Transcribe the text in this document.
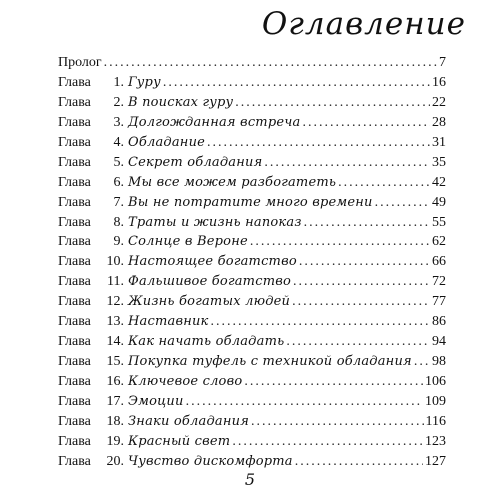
Оглавление
Пролог .....	7
Глава	1. Гуру .....	16
Глава	2. В поисках гуру .....	22
Глава	3. Долгожданная встреча .....	28
Глава	4. Обладание .....	31
Глава	5. Секрет обладания .....	35
Глава	6. Мы все можем разбогатеть .....	42
Глава	7. Вы не потратите много времени .....	49
Глава	8. Траты и жизнь напоказ .....	55
Глава	9. Солнце в Вероне .....	62
Глава	10. Настоящее богатство .....	66
Глава	11. Фальшивое богатство .....	72
Глава	12. Жизнь богатых людей .....	77
Глава	13. Наставник .....	86
Глава	14. Как начать обладать .....	94
Глава	15. Покупка туфель с техникой обладания ..... 98
Глава	16. Ключевое слово .....	106
Глава	17. Эмоции .....	109
Глава	18. Знаки обладания .....	116
Глава	19. Красный свет .....	123
Глава	20. Чувство дискомфорта .....	127
5
